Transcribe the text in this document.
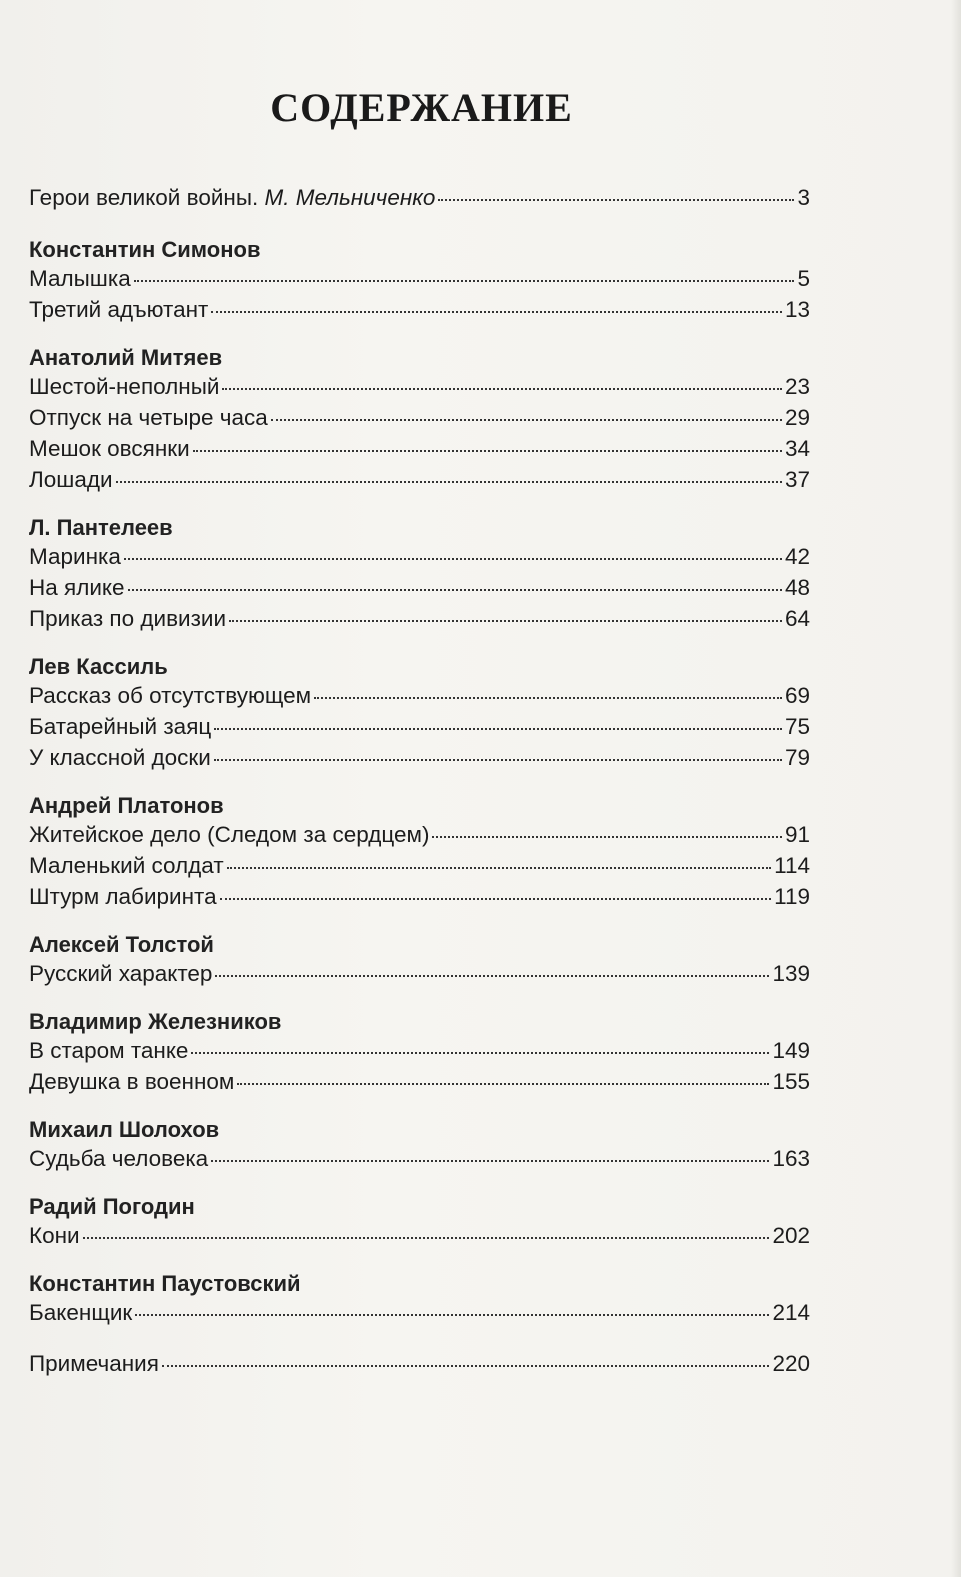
СОДЕРЖАНИЕ
Герои великой войны. М. Мельниченко	3
Константин Симонов
Малышка	5
Третий адъютант	13
Анатолий Митяев
Шестой-неполный	23
Отпуск на четыре часа	29
Мешок овсянки	34
Лошади	37
Л. Пантелеев
Маринка	42
На ялике	48
Приказ по дивизии	64
Лев Кассиль
Рассказ об отсутствующем	69
Батарейный заяц	75
У классной доски	79
Андрей Платонов
Житейское дело (Следом за сердцем)	91
Маленький солдат	114
Штурм лабиринта	119
Алексей Толстой
Русский характер	139
Владимир Железников
В старом танке	149
Девушка в военном	155
Михаил Шолохов
Судьба человека	163
Радий Погодин
Кони	202
Константин Паустовский
Бакенщик	214
Примечания	220
